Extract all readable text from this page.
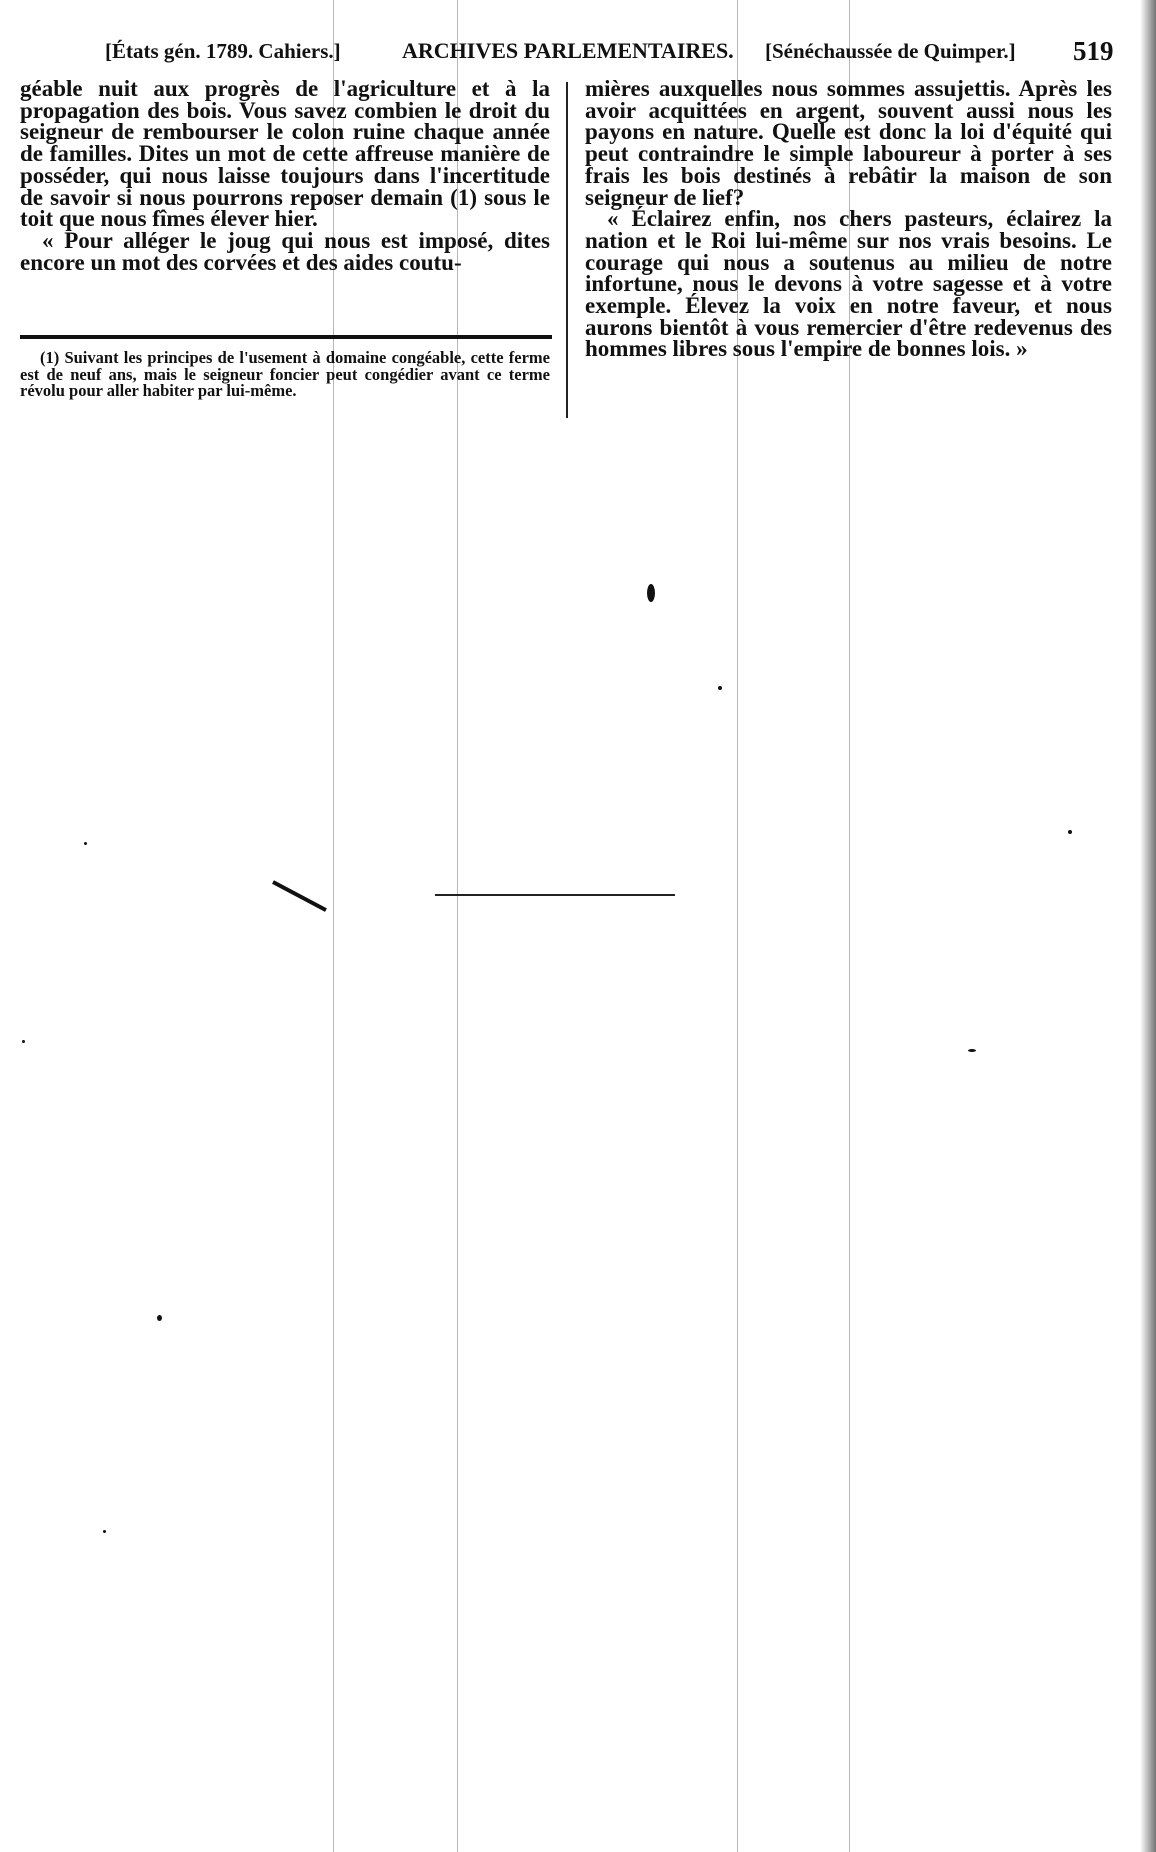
[États gén. 1789. Cahiers.]	ARCHIVES PARLEMENTAIRES. [Sénéchaussée de Quimper.] 519

géable nuit aux progrès de l'agriculture et à la propagation des bois. Vous savez combien le droit du seigneur de rembourser le colon ruine chaque année de familles. Dites un mot de cette affreuse manière de posséder, qui nous laisse toujours dans l'incertitude de savoir si nous pourrons reposer demain (1) sous le toit que nous fîmes élever hier.

« Pour alléger le joug qui nous est imposé, dites encore un mot des corvées et des aides coutu-

(1) Suivant les principes de l'usement à domaine congéable, cette ferme est de neuf ans, mais le seigneur foncier peut congédier avant ce terme révolu pour aller habiter par lui-même.

mières auxquelles nous sommes assujettis. Après les avoir acquittées en argent, souvent aussi nous les payons en nature. Quelle est donc la loi d'équité qui peut contraindre le simple laboureur à porter à ses frais les bois destinés à rebâtir la maison de son seigneur de lief?

« Éclairez enfin, nos chers pasteurs, éclairez la nation et le Roi lui-même sur nos vrais besoins. Le courage qui nous a soutenus au milieu de notre infortune, nous le devons à votre sagesse et à votre exemple. Élevez la voix en notre faveur, et nous aurons bientôt à vous remercier d'être redevenus des hommes libres sous l'empire de bonnes lois. »
